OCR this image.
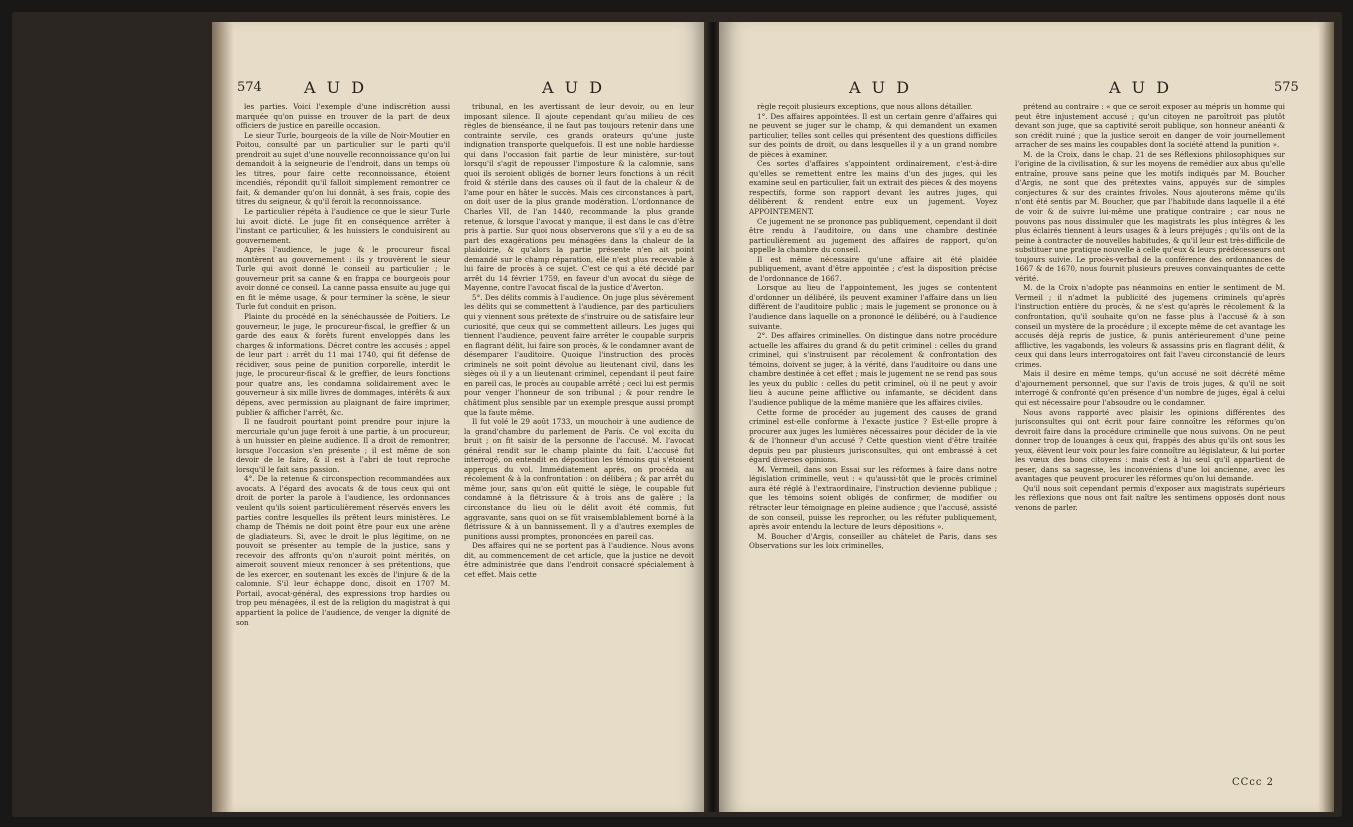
574	A U D	A U D

les parties. Voici l'exemple d'une indiscrétion aussi marquée qu'on puisse en trouver de la part de deux officiers de justice en pareille occasion.

Le sieur Turle, bourgeois de la ville de Noir-Moutier en Poitou, consulté par un particulier sur le parti qu'il prendroit au sujet d'une nouvelle reconnoissance qu'on lui demandoit à la seigneurie de l'endroit, dans un temps où les titres, pour faire cette reconnoissance, étoient incendiés, répondit qu'il falloit simplement remontrer ce fait, & demander qu'on lui donnât, à ses frais, copie des titres du seigneur, & qu'il feroit la reconnoissance.

Le particulier répéta à l'audience ce que le sieur Turle lui avoit dicté. Le juge fit en conséquence arrêter à l'instant ce particulier, & les huissiers le conduisirent au gouvernement.

Après l'audience, le juge & le procureur fiscal montèrent au gouvernement : ils y trouvèrent le sieur Turle qui avoit donné le conseil au particulier ; le gouverneur prit sa canne & en frappa ce bourgeois pour avoir donné ce conseil. La canne passa ensuite au juge qui en fit le même usage, & pour terminer la scène, le sieur Turle fut conduit en prison.

Plainte du procédé en la sénéchaussée de Poitiers. Le gouverneur, le juge, le procureur-fiscal, le greffier & un garde des eaux & forêts furent enveloppés dans les charges & informations. Décret contre les accusés ; appel de leur part : arrêt du 11 mai 1740, qui fit défense de récidiver, sous peine de punition corporelle, interdit le juge, le procureur-fiscal & le greffier, de leurs fonctions pour quatre ans, les condamna solidairement avec le gouverneur à six mille livres de dommages, intérêts & aux dépens, avec permission au plaignant de faire imprimer, publier & afficher l'arrêt, &c.

Il ne faudroit pourtant point prendre pour injure la mercuriale qu'un juge feroit à une partie, à un procureur, à un huissier en pleine audience. Il a droit de remontrer, lorsque l'occasion s'en présente ; il est même de son devoir de le faire, & il est à l'abri de tout reproche lorsqu'il le fait sans passion.

4°. De la retenue & circonspection recommandées aux avocats. A l'égard des avocats & de tous ceux qui ont droit de porter la parole à l'audience, les ordonnances veulent qu'ils soient particulièrement réservés envers les parties contre lesquelles ils prêtent leurs ministères. Le champ de Thémis ne doit point être pour eux une arène de gladiateurs. Si, avec le droit le plus légitime, on ne pouvoit se présenter au temple de la justice, sans y recevoir des affronts qu'on n'auroit point mérités, on aimeroit souvent mieux renoncer à ses prétentions, que de les exercer, en soutenant les excès de l'injure & de la calomnie. S'il leur échappe donc, disoit en 1707 M. Portail, avocat-général, des expressions trop hardies ou trop peu ménagées, il est de la religion du magistrat à qui appartient la police de l'audience, de venger la dignité de son

tribunal, en les avertissant de leur devoir, ou en leur imposant silence. Il ajoute cependant qu'au milieu de ces règles de bienséance, il ne faut pas toujours retenir dans une contrainte servile, ces grands orateurs qu'une juste indignation transporte quelquefois. Il est une noble hardiesse qui dans l'occasion fait partie de leur ministère, sur-tout lorsqu'il s'agit de repousser l'imposture & la calomnie, sans quoi ils seroient obligés de borner leurs fonctions à un récit froid & stérile dans des causes où il faut de la chaleur & de l'ame pour en hâter le succès. Mais ces circonstances à part, on doit user de la plus grande modération. L'ordonnance de Charles VII, de l'an 1440, recommande la plus grande retenue, & lorsque l'avocat y manque, il est dans le cas d'être pris à partie. Sur quoi nous observerons que s'il y a eu de sa part des exagérations peu ménagées dans la chaleur de la plaidoirie, & qu'alors la partie présente n'en ait point demandé sur le champ réparation, elle n'est plus recevable à lui faire de procès à ce sujet. C'est ce qui a été décidé par arrêt du 14 février 1759, en faveur d'un avocat du siège de Mayenne, contre l'avocat fiscal de la justice d'Averton.

5°. Des délits commis à l'audience. On juge plus sévèrement les délits qui se commettent à l'audience, par des particuliers qui y viennent sous prétexte de s'instruire ou de satisfaire leur curiosité, que ceux qui se commettent ailleurs. Les juges qui tiennent l'audience, peuvent faire arrêter le coupable surpris en flagrant délit, lui faire son procès, & le condamner avant de désemparer l'auditoire. Quoique l'instruction des procès criminels ne soit point dévolue au lieutenant civil, dans les sièges où il y a un lieutenant criminel, cependant il peut faire en pareil cas, le procès au coupable arrêté ; ceci lui est permis pour venger l'honneur de son tribunal ; & pour rendre le châtiment plus sensible par un exemple presque aussi prompt que la faute même.

Il fut volé le 29 août 1733, un mouchoir à une audience de la grand'chambre du parlement de Paris. Ce vol excita du bruit ; on fit saisir de la personne de l'accusé. M. l'avocat général rendit sur le champ plainte du fait. L'accusé fut interrogé, on entendit en déposition les témoins qui s'étoient apperçus du vol. Immédiatement après, on procéda au récolement & à la confrontation : on délibéra ; & par arrêt du même jour, sans qu'on eût quitté le siège, le coupable fut condamné à la flétrissure & à trois ans de galère ; la circonstance du lieu où le délit avoit été commis, fut aggravante, sans quoi on se fût vraisemblablement borné à la flétrissure & à un bannissement. Il y a d'autres exemples de punitions aussi promptes, prononcées en pareil cas.

Des affaires qui ne se portent pas à l'audience. Nous avons dit, au commencement de cet article, que la justice ne devoit être administrée que dans l'endroit consacré spécialement à cet effet. Mais cette

A U D	A U D	575

règle reçoit plusieurs exceptions, que nous allons détailler.

1°. Des affaires appointées. Il est un certain genre d'affaires qui ne peuvent se juger sur le champ, & qui demandent un examen particulier, telles sont celles qui présentent des questions difficiles sur des points de droit, ou dans lesquelles il y a un grand nombre de pièces à examiner.

Ces sortes d'affaires s'appointent ordinairement, c'est-à-dire qu'elles se remettent entre les mains d'un des juges, qui les examine seul en particulier, fait un extrait des pièces & des moyens respectifs, forme son rapport devant les autres juges, qui délibèrent & rendent entre eux un jugement. Voyez APPOINTEMENT.

Ce jugement ne se prononce pas publiquement, cependant il doit être rendu à l'auditoire, ou dans une chambre destinée particulièrement au jugement des affaires de rapport, qu'on appelle la chambre du conseil.

Il est même nécessaire qu'une affaire ait été plaidée publiquement, avant d'être appointée ; c'est la disposition précise de l'ordonnance de 1667.

Lorsque au lieu de l'appointement, les juges se contentent d'ordonner un délibéré, ils peuvent examiner l'affaire dans un lieu différent de l'auditoire public ; mais le jugement se prononce ou à l'audience dans laquelle on a prononcé le délibéré, ou à l'audience suivante.

2°. Des affaires criminelles. On distingue dans notre procédure actuelle les affaires du grand & du petit criminel : celles du grand criminel, qui s'instruisent par récolement & confrontation des témoins, doivent se juger, à la vérité, dans l'auditoire ou dans une chambre destinée à cet effet ; mais le jugement ne se rend pas sous les yeux du public : celles du petit criminel, où il ne peut y avoir lieu à aucune peine afflictive ou infamante, se décident dans l'audience publique de la même manière que les affaires civiles.

Cette forme de procéder au jugement des causes de grand criminel est-elle conforme à l'exacte justice ? Est-elle propre à procurer aux juges les lumières nécessaires pour décider de la vie & de l'honneur d'un accusé ? Cette question vient d'être traitée depuis peu par plusieurs jurisconsultes, qui ont embrassé à cet égard diverses opinions.

M. Vermeil, dans son Essai sur les réformes à faire dans notre législation criminelle, veut : « qu'aussi-tôt que le procès criminel aura été réglé à l'extraordinaire, l'instruction devienne publique ; que les témoins soient obligés de confirmer, de modifier ou rétracter leur témoignage en pleine audience ; que l'accusé, assisté de son conseil, puisse les reprocher, ou les réfuter publiquement, après avoir entendu la lecture de leurs dépositions ».

M. Boucher d'Argis, conseiller au châtelet de Paris, dans ses Observations sur les loix criminelles,

prétend au contraire : « que ce seroit exposer au mépris un homme qui peut être injustement accusé ; qu'un citoyen ne paroîtroit pas plutôt devant son juge, que sa captivité seroit publique, son honneur anéanti & son crédit ruiné ; que la justice seroit en danger de voir journellement arracher de ses mains les coupables dont la société attend la punition ».

M. de la Croix, dans le chap. 21 de ses Réflexions philosophiques sur l'origine de la civilisation, & sur les moyens de remédier aux abus qu'elle entraîne, prouve sans peine que les motifs indiqués par M. Boucher d'Argis, ne sont que des prétextes vains, appuyés sur de simples conjectures & sur des craintes frivoles. Nous ajouterons même qu'ils n'ont été sentis par M. Boucher, que par l'habitude dans laquelle il a été de voir & de suivre lui-même une pratique contraire ; car nous ne pouvons pas nous dissimuler que les magistrats les plus intègres & les plus éclairés tiennent à leurs usages & à leurs préjugés ; qu'ils ont de la peine à contracter de nouvelles habitudes, & qu'il leur est très-difficile de substituer une pratique nouvelle à celle qu'eux & leurs prédécesseurs ont toujours suivie. Le procès-verbal de la conférence des ordonnances de 1667 & de 1670, nous fournit plusieurs preuves convainquantes de cette vérité.

M. de la Croix n'adopte pas néanmoins en entier le sentiment de M. Vermeil ; il n'admet la publicité des jugemens criminels qu'après l'instruction entière du procès, & ne s'est qu'après le récolement & la confrontation, qu'il souhaite qu'on ne fasse plus à l'accusé & à son conseil un mystère de la procédure ; il excepte même de cet avantage les accusés déjà repris de justice, & punis antérieurement d'une peine afflictive, les vagabonds, les voleurs & assassins pris en flagrant délit, & ceux qui dans leurs interrogatoires ont fait l'aveu circonstancié de leurs crimes.

Mais il desire en même temps, qu'un accusé ne soit décrété même d'ajournement personnel, que sur l'avis de trois juges, & qu'il ne soit interrogé & confronté qu'en présence d'un nombre de juges, égal à celui qui est nécessaire pour l'absoudre ou le condamner.

Nous avons rapporté avec plaisir les opinions différentes des jurisconsultes qui ont écrit pour faire connoître les réformes qu'on devroit faire dans la procédure criminelle que nous suivons. On ne peut donner trop de louanges à ceux qui, frappés des abus qu'ils ont sous les yeux, élèvent leur voix pour les faire connoître au législateur, & lui porter les vœux des bons citoyens : mais c'est à lui seul qu'il appartient de peser, dans sa sagesse, les inconvéniens d'une loi ancienne, avec les avantages que peuvent procurer les réformes qu'on lui demande.

Qu'il nous soit cependant permis d'exposer aux magistrats supérieurs les réflexions que nous ont fait naître les sentimens opposés dont nous venons de parler.

CCcc 2
